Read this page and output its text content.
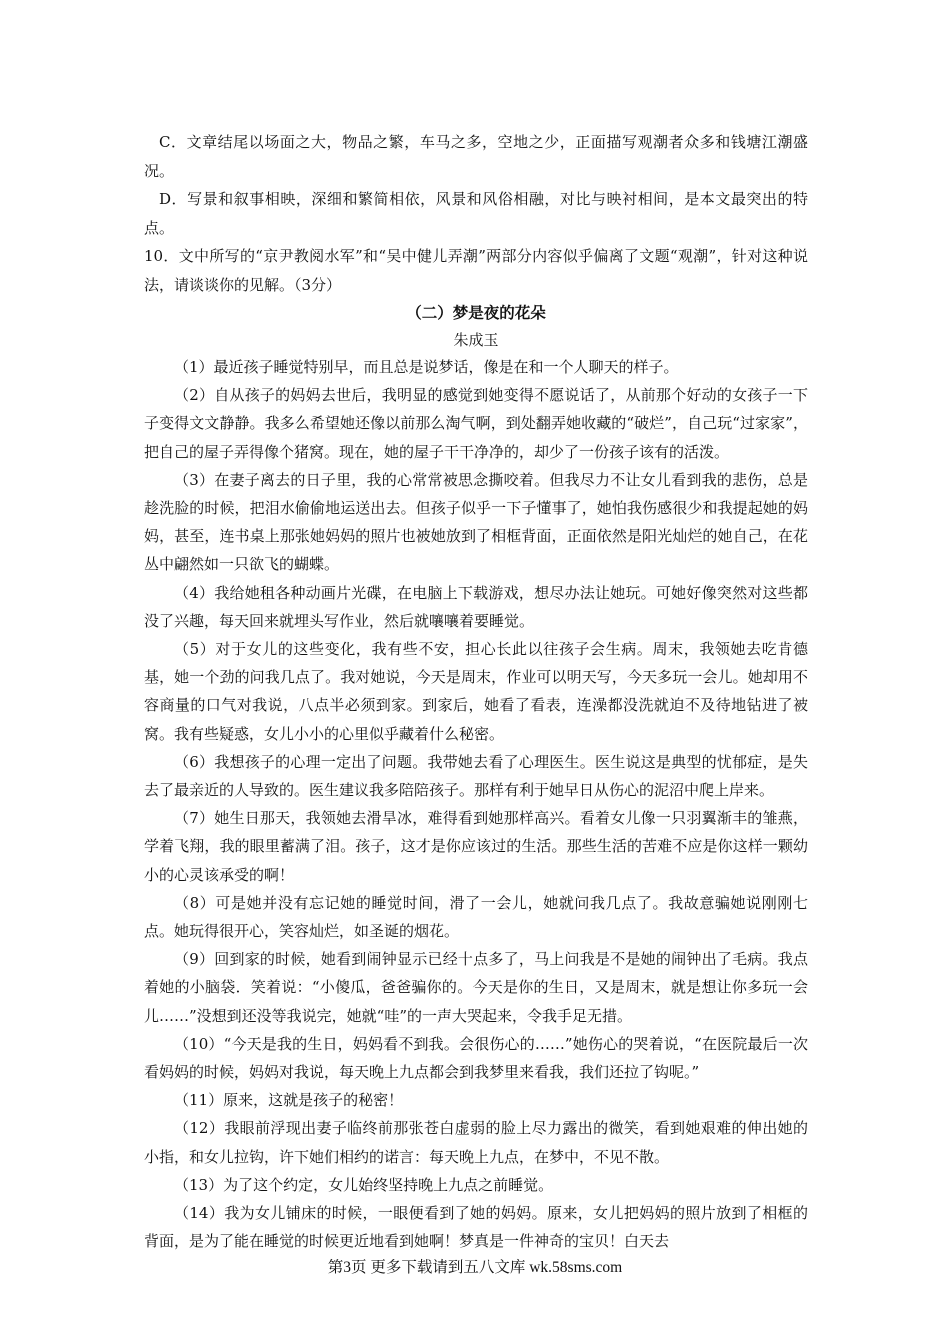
C．文章结尾以场面之大，物品之繁，车马之多，空地之少，正面描写观潮者众多和钱塘江潮盛况。

D．写景和叙事相映，深细和繁简相依，风景和风俗相融，对比与映衬相间，是本文最突出的特点。

10．文中所写的“京尹教阅水军”和“吴中健儿弄潮”两部分内容似乎偏离了文题“观潮”，针对这种说法，请谈谈你的见解。（3分）

（二）梦是夜的花朵

朱成玉

（1）最近孩子睡觉特别早，而且总是说梦话，像是在和一个人聊天的样子。

（2）自从孩子的妈妈去世后，我明显的感觉到她变得不愿说话了，从前那个好动的女孩子一下子变得文文静静。我多么希望她还像以前那么淘气啊，到处翻弄她收藏的“破烂”，自己玩“过家家”，把自己的屋子弄得像个猪窝。现在，她的屋子干干净净的，却少了一份孩子该有的活泼。

（3）在妻子离去的日子里，我的心常常被思念撕咬着。但我尽力不让女儿看到我的悲伤，总是趁洗脸的时候，把泪水偷偷地运送出去。但孩子似乎一下子懂事了，她怕我伤感很少和我提起她的妈妈，甚至，连书桌上那张她妈妈的照片也被她放到了相框背面，正面依然是阳光灿烂的她自己，在花丛中翩然如一只欲飞的蝴蝶。

（4）我给她租各种动画片光碟，在电脑上下载游戏，想尽办法让她玩。可她好像突然对这些都没了兴趣，每天回来就埋头写作业，然后就嚷嚷着要睡觉。

（5）对于女儿的这些变化，我有些不安，担心长此以往孩子会生病。周末，我领她去吃肯德基，她一个劲的问我几点了。我对她说，今天是周末，作业可以明天写，今天多玩一会儿。她却用不容商量的口气对我说，八点半必须到家。到家后，她看了看表，连澡都没洗就迫不及待地钻进了被窝。我有些疑惑，女儿小小的心里似乎藏着什么秘密。

（6）我想孩子的心理一定出了问题。我带她去看了心理医生。医生说这是典型的忧郁症，是失去了最亲近的人导致的。医生建议我多陪陪孩子。那样有利于她早日从伤心的泥沼中爬上岸来。

（7）她生日那天，我领她去滑旱冰，难得看到她那样高兴。看着女儿像一只羽翼渐丰的雏燕，学着飞翔，我的眼里蓄满了泪。孩子，这才是你应该过的生活。那些生活的苦难不应是你这样一颗幼小的心灵该承受的啊！

（8）可是她并没有忘记她的睡觉时间，滑了一会儿，她就问我几点了。我故意骗她说刚刚七点。她玩得很开心，笑容灿烂，如圣诞的烟花。

（9）回到家的时候，她看到闹钟显示已经十点多了，马上问我是不是她的闹钟出了毛病。我点着她的小脑袋．笑着说：“小傻瓜，爸爸骗你的。今天是你的生日，又是周末，就是想让你多玩一会儿……”没想到还没等我说完，她就“哇”的一声大哭起来，令我手足无措。

（10）“今天是我的生日，妈妈看不到我。会很伤心的……”她伤心的哭着说，“在医院最后一次看妈妈的时候，妈妈对我说，每天晚上九点都会到我梦里来看我，我们还拉了钩呢。”

（11）原来，这就是孩子的秘密！

（12）我眼前浮现出妻子临终前那张苍白虚弱的脸上尽力露出的微笑，看到她艰难的伸出她的小指，和女儿拉钩，许下她们相约的诺言：每天晚上九点，在梦中，不见不散。

（13）为了这个约定，女儿始终坚持晚上九点之前睡觉。

（14）我为女儿铺床的时候，一眼便看到了她的妈妈。原来，女儿把妈妈的照片放到了相框的背面，是为了能在睡觉的时候更近地看到她啊！梦真是一件神奇的宝贝！白天去

第3页 更多下载请到五八文库 wk.58sms.com
